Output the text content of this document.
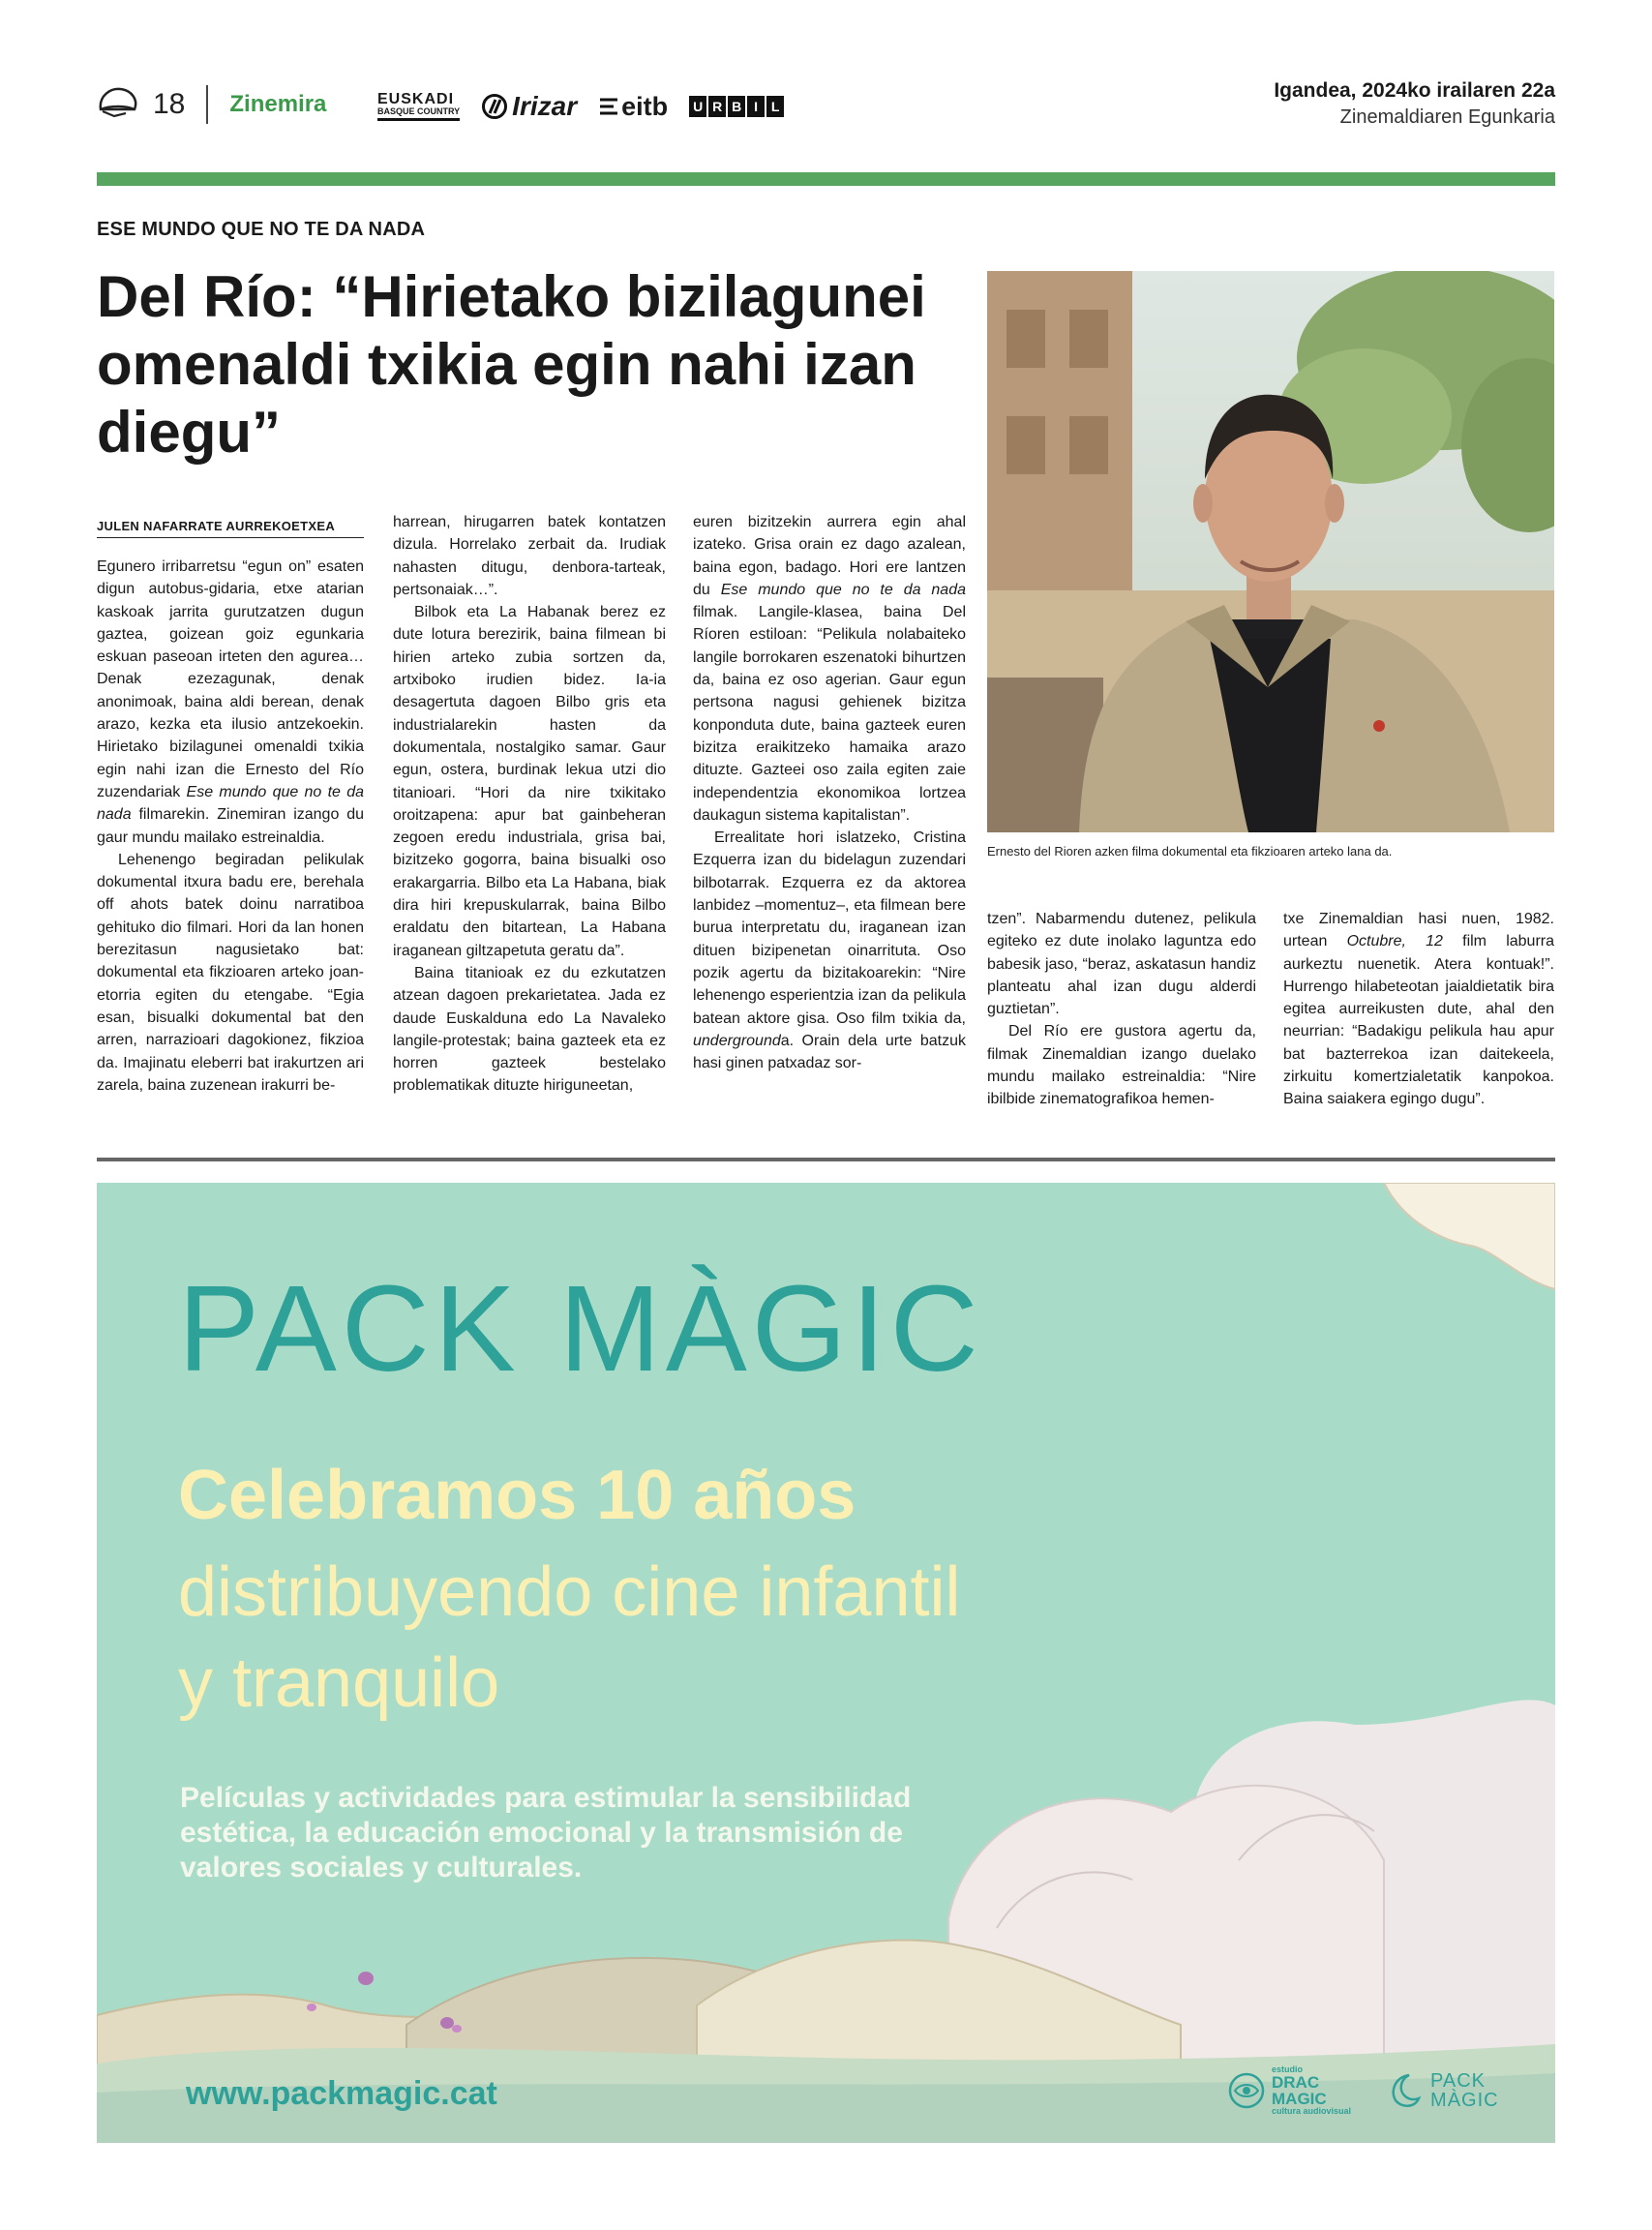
18 Zinemira	EUSKADI
BASQUE COUNTRY Irizar eitb U R B I L
Igandea, 2024ko irailaren 22a
Zinemaldiaren Egunkaria
ESE MUNDO QUE NO TE DA NADA
Del Río: “Hirietako bizilagunei omenaldi txikia egin nahi izan diegu”
JULEN NAFARRATE AURREKOETXEA

Egunero irribarretsu “egun on” esaten digun autobus-gidaria, etxe atarian kaskoak jarrita gurutzatzen dugun gaztea, goizean goiz egunkaria eskuan paseoan irteten den agurea… Denak ezezagunak, denak anonimoak, baina aldi berean, denak arazo, kezka eta ilusio antzekoekin. Hirietako bizilagunei omenaldi txikia egin nahi izan die Ernesto del Río zuzendariak Ese mundo que no te da nada filmarekin. Zinemiran izango du gaur mundu mailako estreinaldia.

Lehenengo begiradan pelikulak dokumental itxura badu ere, berehala off ahots batek doinu narratiboa gehituko dio filmari. Hori da lan honen berezitasun nagusietako bat: dokumental eta fikzioaren arteko joan-etorria egiten du etengabe. “Egia esan, bisualki dokumental bat den arren, narrazioari dagokionez, fikzioa da. Imajinatu eleberri bat irakurtzen ari zarela, baina zuzenean irakurri be-

harrean, hirugarren batek kontatzen dizula. Horrelako zerbait da. Irudiak nahasten ditugu, denbora-tarteak, pertsonaiak…”.

Bilbok eta La Habanak berez ez dute lotura berezirik, baina filmean bi hirien arteko zubia sortzen da, artxiboko irudien bidez. Ia-ia desagertuta dagoen Bilbo gris eta industrialarekin hasten da dokumentala, nostalgiko samar. Gaur egun, ostera, burdinak lekua utzi dio titanioari. “Hori da nire txikitako oroitzapena: apur bat gainbeheran zegoen eredu industriala, grisa bai, bizitzeko gogorra, baina bisualki oso erakargarria. Bilbo eta La Habana, biak dira hiri krepuskularrak, baina Bilbo eraldatu den bitartean, La Habana iraganean giltzapetuta geratu da”.

Baina titanioak ez du ezkutatzen atzean dagoen prekarietatea. Jada ez daude Euskalduna edo La Navaleko langile-protestak; baina gazteek eta ez horren gazteek bestelako problematikak dituzte hiriguneetan,

euren bizitzekin aurrera egin ahal izateko. Grisa orain ez dago azalean, baina egon, badago. Hori ere lantzen du Ese mundo que no te da nada filmak. Langile-klasea, baina Del Ríoren estiloan: “Pelikula nolabaiteko langile borrokaren eszenatoki bihurtzen da, baina ez oso agerian. Gaur egun pertsona nagusi gehienek bizitza konponduta dute, baina gazteek euren bizitza eraikitzeko hamaika arazo dituzte. Gazteei oso zaila egiten zaie independentzia ekonomikoa lortzea daukagun sistema kapitalistan”.

Errealitate hori islatzeko, Cristina Ezquerra izan du bidelagun zuzendari bilbotarrak. Ezquerra ez da aktorea lanbidez –momentuz–, eta filmean bere burua interpretatu du, iraganean izan dituen bizipenetan oinarrituta. Oso pozik agertu da bizitakoarekin: “Nire lehenengo esperientzia izan da pelikula batean aktore gisa. Oso film txikia da, undergrounda. Orain dela urte batzuk hasi ginen patxadaz sor-

Ernesto del Rioren azken filma dokumental eta fikzioaren arteko lana da.

tzen”. Nabarmendu dutenez, pelikula egiteko ez dute inolako laguntza edo babesik jaso, “beraz, askatasun handiz planteatu ahal izan dugu alderdi guztietan”.

Del Río ere gustora agertu da, filmak Zinemaldian izango duelako mundu mailako estreinaldia: “Nire ibilbide zinematografikoa hemen-

txe Zinemaldian hasi nuen, 1982. urtean Octubre, 12 film laburra aurkeztu nuenetik. Atera kontuak!”. Hurrengo hilabeteotan jaialdietatik bira egitea aurreikusten dute, ahal den neurrian: “Badakigu pelikula hau apur bat bazterrekoa izan daitekeela, zirkuitu komertzialetatik kanpokoa. Baina saiakera egingo dugu”.

PACK MÀGIC
Celebramos 10 años
distribuyendo cine infantil
y tranquilo
Películas y actividades para estimular la sensibilidad
estética, la educación emocional y la transmisión de
valores sociales y culturales.
www.packmagic.cat
estudio
DRAC
MAGIC
cultura audiovisual
PACK
MÀGIC
